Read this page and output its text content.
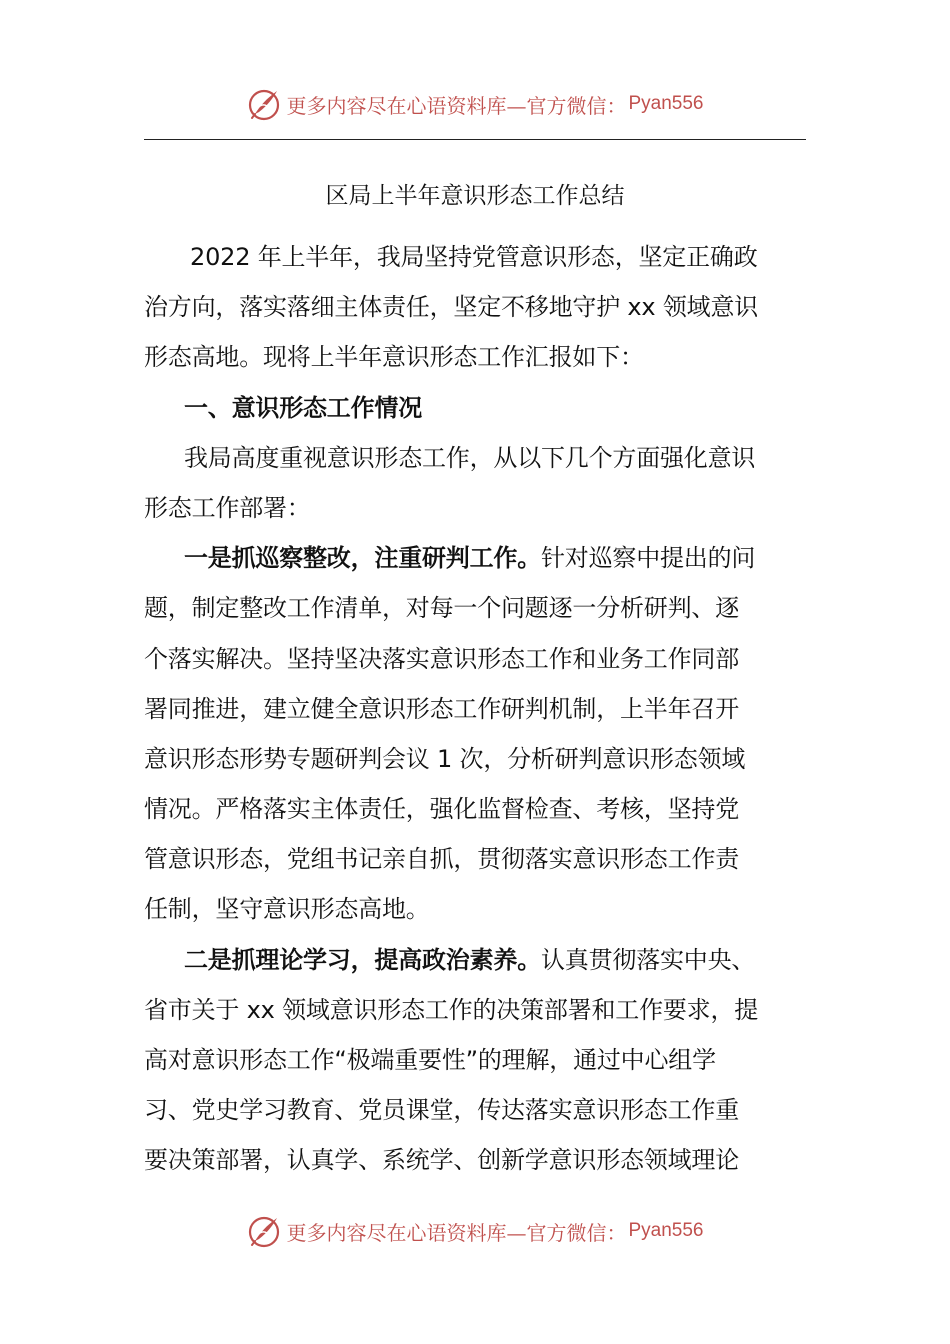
更多内容尽在心语资料库—官方微信： Pyan556
区局上半年意识形态工作总结
2022 年上半年，我局坚持党管意识形态，坚定正确政
治方向，落实落细主体责任，坚定不移地守护 xx 领域意识
形态高地。现将上半年意识形态工作汇报如下：
一、意识形态工作情况
我局高度重视意识形态工作，从以下几个方面强化意识
形态工作部署：
一是抓巡察整改，注重研判工作。针对巡察中提出的问
题，制定整改工作清单，对每一个问题逐一分析研判、逐
个落实解决。坚持坚决落实意识形态工作和业务工作同部
署同推进，建立健全意识形态工作研判机制，上半年召开
意识形态形势专题研判会议 1 次，分析研判意识形态领域
情况。严格落实主体责任，强化监督检查、考核，坚持党
管意识形态，党组书记亲自抓，贯彻落实意识形态工作责
任制，坚守意识形态高地。
二是抓理论学习，提高政治素养。认真贯彻落实中央、
省市关于 xx 领域意识形态工作的决策部署和工作要求，提
高对意识形态工作“极端重要性”的理解，通过中心组学
习、党史学习教育、党员课堂，传达落实意识形态工作重
要决策部署，认真学、系统学、创新学意识形态领域理论
更多内容尽在心语资料库—官方微信： Pyan556
